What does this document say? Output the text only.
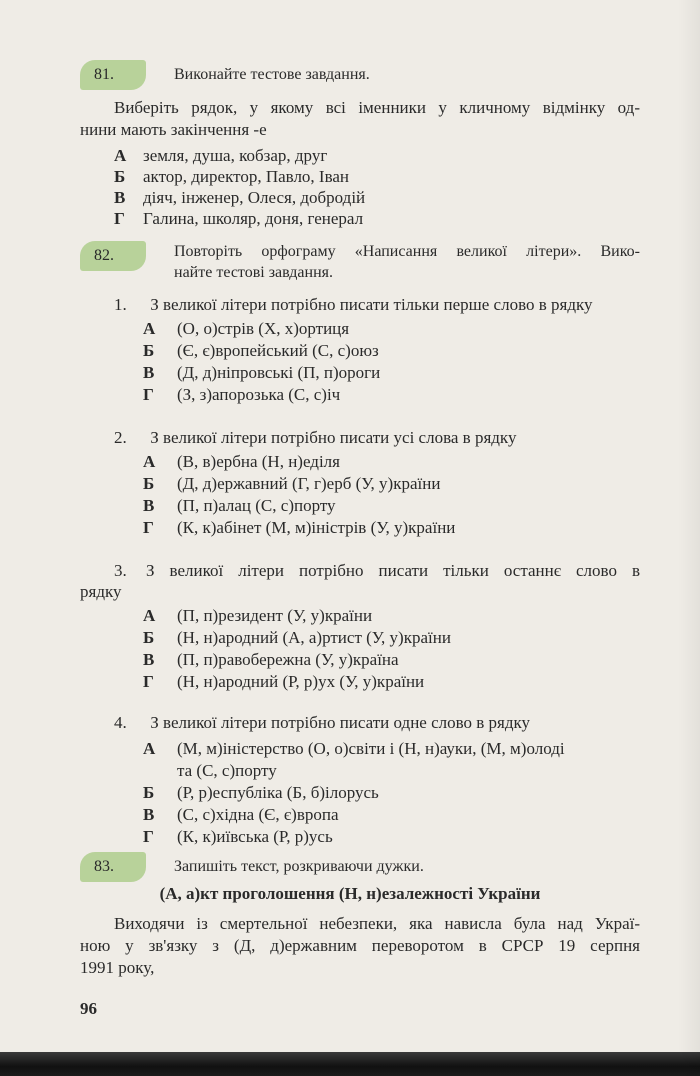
81.	Виконайте тестове завдання.
Виберіть рядок, у якому всі іменники у кличному відмінку од-
нини мають закінчення -е
А земля, душа, кобзар, друг
Б актор, директор, Павло, Іван
В діяч, інженер, Олеся, добродій
Г Галина, школяр, доня, генерал
82.	Повторіть орфограму «Написання великої літери». Вико-
найте тестові завдання.
1. З великої літери потрібно писати тільки перше слово в рядку
А (О, о)стрів (Х, х)ортиця
Б (Є, є)вропейський (С, с)оюз
В (Д, д)ніпровські (П, п)ороги
Г (З, з)апорозька (С, с)іч
2. З великої літери потрібно писати усі слова в рядку
А (В, в)ербна (Н, н)еділя
Б (Д, д)ержавний (Г, г)ерб (У, у)країни
В (П, п)алац (С, с)порту
Г (К, к)абінет (М, м)іністрів (У, у)країни
3.	З великої літери потрібно писати тільки останнє слово в
рядку
А (П, п)резидент (У, у)країни
Б (Н, н)ародний (А, а)ртист (У, у)країни
В (П, п)равобережна (У, у)країна
Г (Н, н)ародний (Р, р)ух (У, у)країни
4. З великої літери потрібно писати одне слово в рядку
А (М, м)іністерство (О, о)світи і (Н, н)ауки, (М, м)олоді
та (С, с)порту
Б (Р, р)еспубліка (Б, б)ілорусь
В (С, с)хідна (Є, є)вропа
Г (К, к)иївська (Р, р)усь
83.	Запишіть текст, розкриваючи дужки.
(А, а)кт проголошення (Н, н)езалежності України
Виходячи із смертельної небезпеки, яка нависла була над Украї-
ною у зв'язку з (Д, д)ержавним переворотом в СРСР 19 серпня
1991 року,
96
